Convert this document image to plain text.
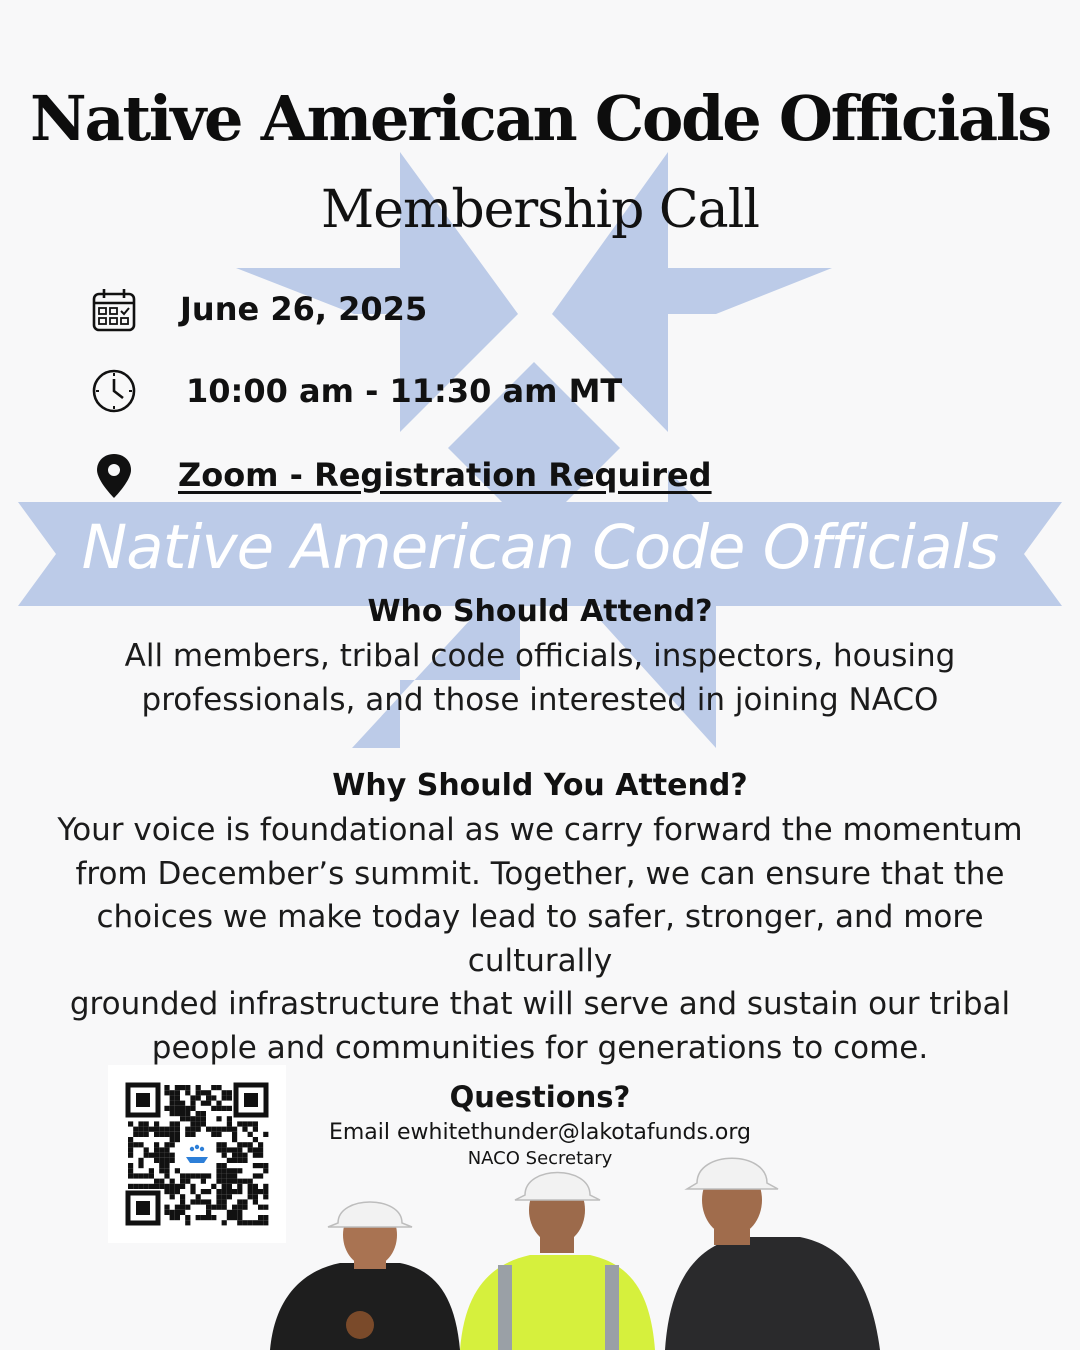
Native American Code Officials
Membership Call
June 26, 2025
10:00 am - 11:30 am MT
Zoom - Registration Required
Native American Code Officials
Who Should Attend?
All members, tribal code officials, inspectors, housing
professionals, and those interested in joining NACO
Why Should You Attend?
Your voice is foundational as we carry forward the momentum
from December’s summit. Together, we can ensure that the
choices we make today lead to safer, stronger, and more culturally
grounded infrastructure that will serve and sustain our tribal
people and communities for generations to come.
Questions?
Email ewhitethunder@lakotafunds.org
NACO Secretary
